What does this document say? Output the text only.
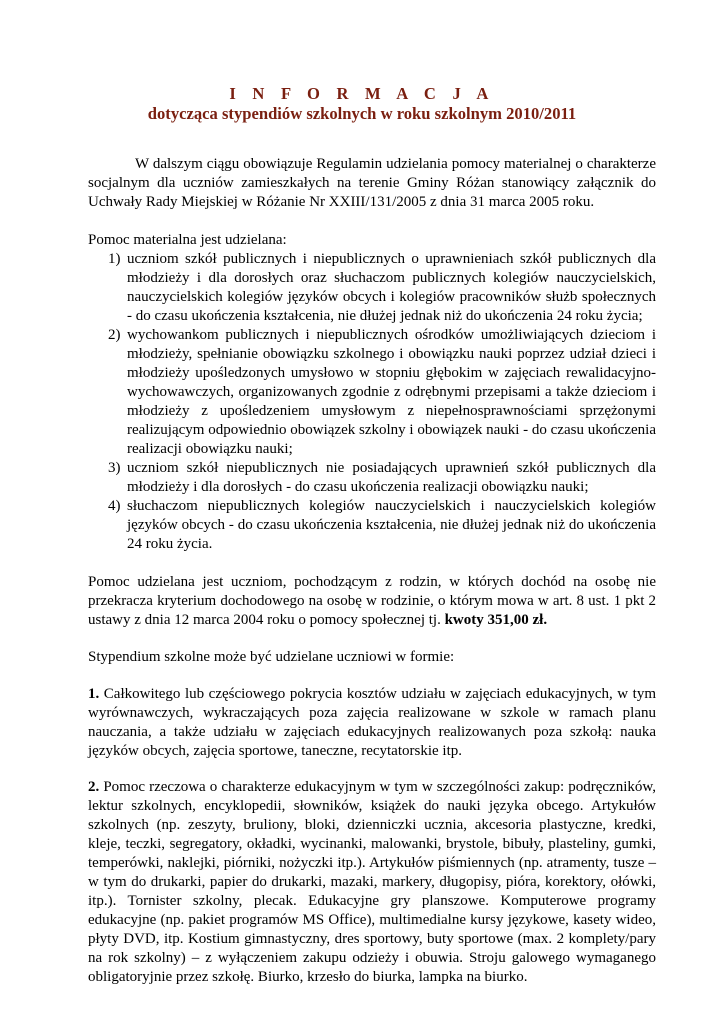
I N F O R M A C J A
dotycząca stypendiów szkolnych w roku szkolnym 2010/2011

W dalszym ciągu obowiązuje Regulamin udzielania pomocy materialnej o charakterze socjalnym dla uczniów zamieszkałych na terenie Gminy Różan stanowiący załącznik do Uchwały Rady Miejskiej w Różanie Nr XXIII/131/2005 z dnia 31 marca 2005 roku.

Pomoc materialna jest udzielana:

1) uczniom szkół publicznych i niepublicznych o uprawnieniach szkół publicznych dla młodzieży i dla dorosłych oraz słuchaczom publicznych kolegiów nauczycielskich, nauczycielskich kolegiów języków obcych i kolegiów pracowników służb społecznych - do czasu ukończenia kształcenia, nie dłużej jednak niż do ukończenia 24 roku życia;
2) wychowankom publicznych i niepublicznych ośrodków umożliwiających dzieciom i młodzieży, spełnianie obowiązku szkolnego i obowiązku nauki poprzez udział dzieci i młodzieży upośledzonych umysłowo w stopniu głębokim w zajęciach rewalidacyjno-wychowawczych, organizowanych zgodnie z odrębnymi przepisami a także dzieciom i młodzieży z upośledzeniem umysłowym z niepełnosprawnościami sprzężonymi realizującym odpowiednio obowiązek szkolny i obowiązek nauki - do czasu ukończenia realizacji obowiązku nauki;
3) uczniom szkół niepublicznych nie posiadających uprawnień szkół publicznych dla młodzieży i dla dorosłych - do czasu ukończenia realizacji obowiązku nauki;
4) słuchaczom niepublicznych kolegiów nauczycielskich i nauczycielskich kolegiów języków obcych - do czasu ukończenia kształcenia, nie dłużej jednak niż do ukończenia 24 roku życia.

Pomoc udzielana jest uczniom, pochodzącym z rodzin, w których dochód na osobę nie przekracza kryterium dochodowego na osobę w rodzinie, o którym mowa w art. 8 ust. 1 pkt 2 ustawy z dnia 12 marca 2004 roku o pomocy społecznej tj. kwoty 351,00 zł.

Stypendium szkolne może być udzielane uczniowi w formie:

1. Całkowitego lub częściowego pokrycia kosztów udziału w zajęciach edukacyjnych, w tym wyrównawczych, wykraczających poza zajęcia realizowane w szkole w ramach planu nauczania, a także udziału w zajęciach edukacyjnych realizowanych poza szkołą: nauka języków obcych, zajęcia sportowe, taneczne, recytatorskie itp.

2. Pomoc rzeczowa o charakterze edukacyjnym w tym w szczególności zakup: podręczników, lektur szkolnych, encyklopedii, słowników, książek do nauki języka obcego. Artykułów szkolnych (np. zeszyty, bruliony, bloki, dzienniczki ucznia, akcesoria plastyczne, kredki, kleje, teczki, segregatory, okładki, wycinanki, malowanki, brystole, bibuły, plasteliny, gumki, temperówki, naklejki, piórniki, nożyczki itp.). Artykułów piśmiennych (np. atramenty, tusze – w tym do drukarki, papier do drukarki, mazaki, markery, długopisy, pióra, korektory, ołówki, itp.). Tornister szkolny, plecak. Edukacyjne gry planszowe. Komputerowe programy edukacyjne (np. pakiet programów MS Office), multimedialne kursy językowe, kasety wideo, płyty DVD, itp. Kostium gimnastyczny, dres sportowy, buty sportowe (max. 2 komplety/pary na rok szkolny) – z wyłączeniem zakupu odzieży i obuwia. Stroju galowego wymaganego obligatoryjnie przez szkołę. Biurko, krzesło do biurka, lampka na biurko.
